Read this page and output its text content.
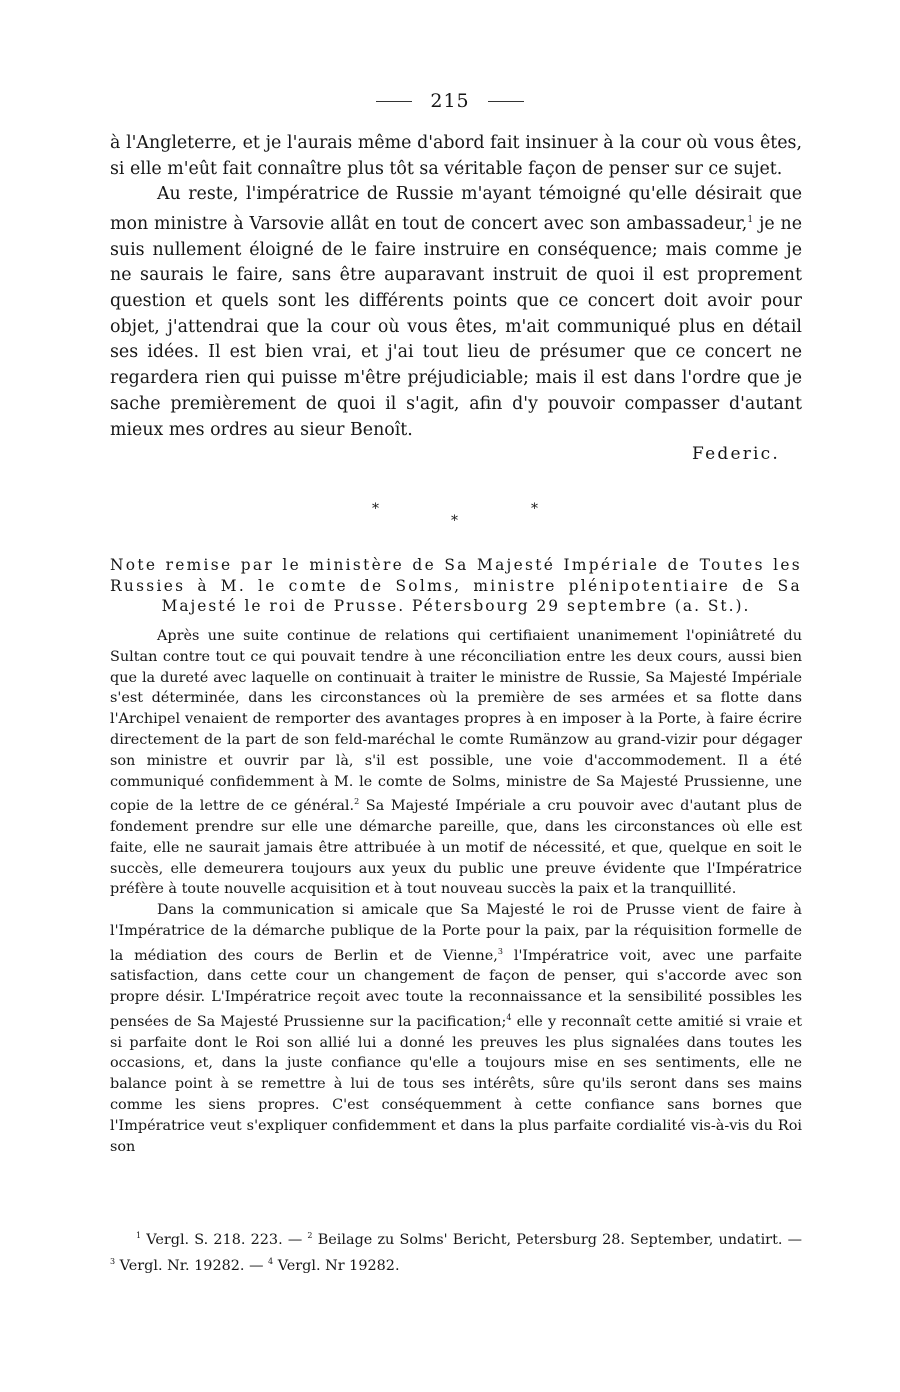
215

à l'Angleterre, et je l'aurais même d'abord fait insinuer à la cour où vous êtes, si elle m'eût fait connaître plus tôt sa véritable façon de penser sur ce sujet.

Au reste, l'impératrice de Russie m'ayant témoigné qu'elle désirait que mon ministre à Varsovie allât en tout de concert avec son ambassadeur,$^1$ je ne suis nullement éloigné de le faire instruire en conséquence; mais comme je ne saurais le faire, sans être auparavant instruit de quoi il est proprement question et quels sont les différents points que ce concert doit avoir pour objet, j'attendrai que la cour où vous êtes, m'ait communiqué plus en détail ses idées. Il est bien vrai, et j'ai tout lieu de présumer que ce concert ne regardera rien qui puisse m'être préjudiciable; mais il est dans l'ordre que je sache premièrement de quoi il s'agit, afin d'y pouvoir compasser d'autant mieux mes ordres au sieur Benoît.

Federic.

*	*
*

Note remise par le ministère de Sa Majesté Impériale de Toutes les

Russies à M. le comte de Solms, ministre plénipotentiaire de Sa

Majesté le roi de Prusse. Pétersbourg 29 septembre (a. St.).

Après une suite continue de relations qui certifiaient unanimement l'opiniâtreté du Sultan contre tout ce qui pouvait tendre à une réconciliation entre les deux cours, aussi bien que la dureté avec laquelle on continuait à traiter le ministre de Russie, Sa Majesté Impériale s'est déterminée, dans les circonstances où la première de ses armées et sa flotte dans l'Archipel venaient de remporter des avantages propres à en imposer à la Porte, à faire écrire directement de la part de son feld-maréchal le comte Rumänzow au grand-vizir pour dégager son ministre et ouvrir par là, s'il est possible, une voie d'accommodement. Il a été communiqué confidemment à M. le comte de Solms, ministre de Sa Majesté Prussienne, une copie de la lettre de ce général.$^2$ Sa Majesté Impériale a cru pouvoir avec d'autant plus de fondement prendre sur elle une démarche pareille, que, dans les circonstances où elle est faite, elle ne saurait jamais être attribuée à un motif de nécessité, et que, quelque en soit le succès, elle demeurera toujours aux yeux du public une preuve évidente que l'Impératrice préfère à toute nouvelle acquisition et à tout nouveau succès la paix et la tranquillité.

Dans la communication si amicale que Sa Majesté le roi de Prusse vient de faire à l'Impératrice de la démarche publique de la Porte pour la paix, par la réquisition formelle de la médiation des cours de Berlin et de Vienne,$^3$ l'Impératrice voit, avec une parfaite satisfaction, dans cette cour un changement de façon de penser, qui s'accorde avec son propre désir. L'Impératrice reçoit avec toute la reconnaissance et la sensibilité possibles les pensées de Sa Majesté Prussienne sur la pacification;$^4$ elle y reconnaît cette amitié si vraie et si parfaite dont le Roi son allié lui a donné les preuves les plus signalées dans toutes les occasions, et, dans la juste confiance qu'elle a toujours mise en ses sentiments, elle ne balance point à se remettre à lui de tous ses intérêts, sûre qu'ils seront dans ses mains comme les siens propres. C'est conséquemment à cette confiance sans bornes que l'Impératrice veut s'expliquer confidemment et dans la plus parfaite cordialité vis-à-vis du Roi son

$^1$ Vergl. S. 218. 223. — $^2$ Beilage zu Solms' Bericht, Petersburg 28. September, undatirt. — $^3$ Vergl. Nr. 19282. — $^4$ Vergl. Nr 19282.
